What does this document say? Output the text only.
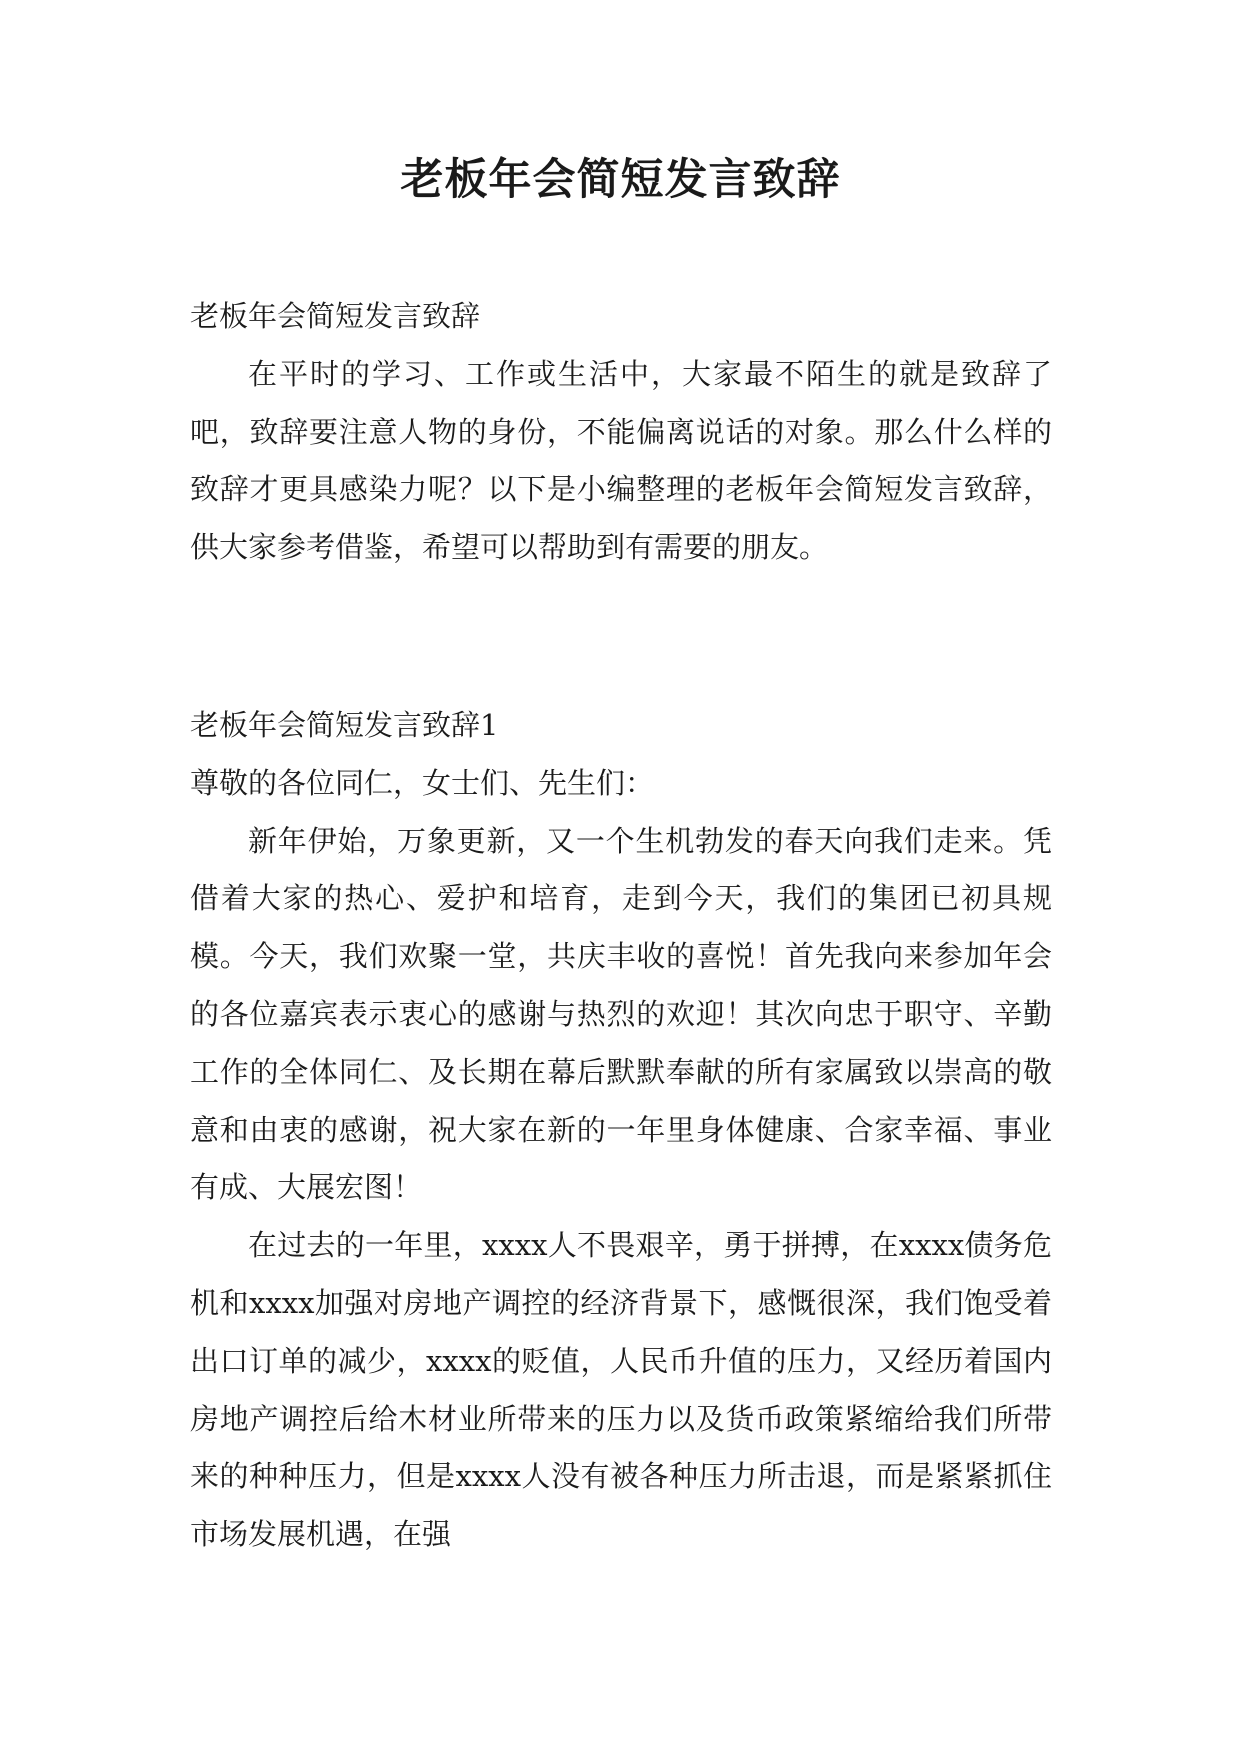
老板年会简短发言致辞

老板年会简短发言致辞

在平时的学习、工作或生活中，大家最不陌生的就是致辞了吧，致辞要注意人物的身份，不能偏离说话的对象。那么什么样的致辞才更具感染力呢？以下是小编整理的老板年会简短发言致辞，供大家参考借鉴，希望可以帮助到有需要的朋友。

老板年会简短发言致辞1

尊敬的各位同仁，女士们、先生们：

新年伊始，万象更新，又一个生机勃发的春天向我们走来。凭借着大家的热心、爱护和培育，走到今天，我们的集团已初具规模。今天，我们欢聚一堂，共庆丰收的喜悦！首先我向来参加年会的各位嘉宾表示衷心的感谢与热烈的欢迎！其次向忠于职守、辛勤工作的全体同仁、及长期在幕后默默奉献的所有家属致以崇高的敬意和由衷的感谢，祝大家在新的一年里身体健康、合家幸福、事业有成、大展宏图！

在过去的一年里，xxxx人不畏艰辛，勇于拼搏，在xxxx债务危机和xxxx加强对房地产调控的经济背景下，感慨很深，我们饱受着出口订单的减少，xxxx的贬值，人民币升值的压力，又经历着国内房地产调控后给木材业所带来的压力以及货币政策紧缩给我们所带来的种种压力，但是xxxx人没有被各种压力所击退，而是紧紧抓住市场发展机遇，在强
